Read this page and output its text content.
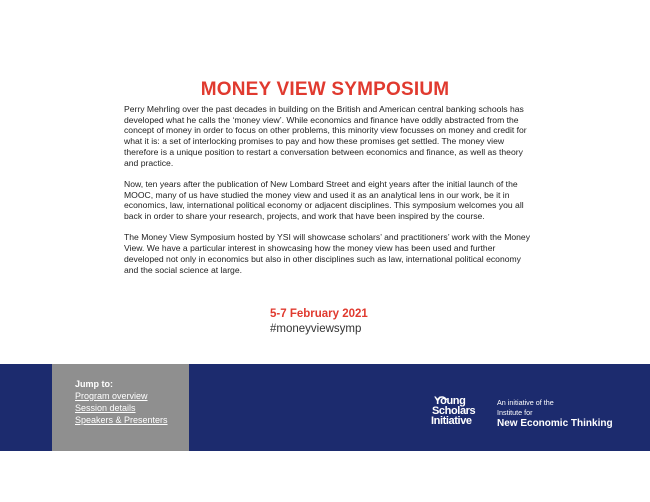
MONEY VIEW SYMPOSIUM

Perry Mehrling over the past decades in building on the British and American central banking schools has developed what he calls the ‘money view’. While economics and finance have oddly abstracted from the concept of money in order to focus on other problems, this minority view focusses on money and credit for what it is: a set of interlocking promises to pay and how these promises get settled. The money view therefore is a unique position to restart a conversation between economics and finance, as well as theory and practice.

Now, ten years after the publication of New Lombard Street and eight years after the initial launch of the MOOC, many of us have studied the money view and used it as an analytical lens in our work, be it in economics, law, international political economy or adjacent disciplines. This symposium welcomes you all back in order to share your research, projects, and work that have been inspired by the course.

The Money View Symposium hosted by YSI will showcase scholars’ and practitioners’ work with the Money View. We have a particular interest in showcasing how the money view has been used and further developed not only in economics but also in other disciplines such as law, international political economy and the social science at large.

5-7 February 2021
#moneyviewsymp
Jump to:
Program overview
Session details
Speakers & Presenters
Young
Scholars
Initiative
An initiative of the
Institute for
New Economic Thinking
